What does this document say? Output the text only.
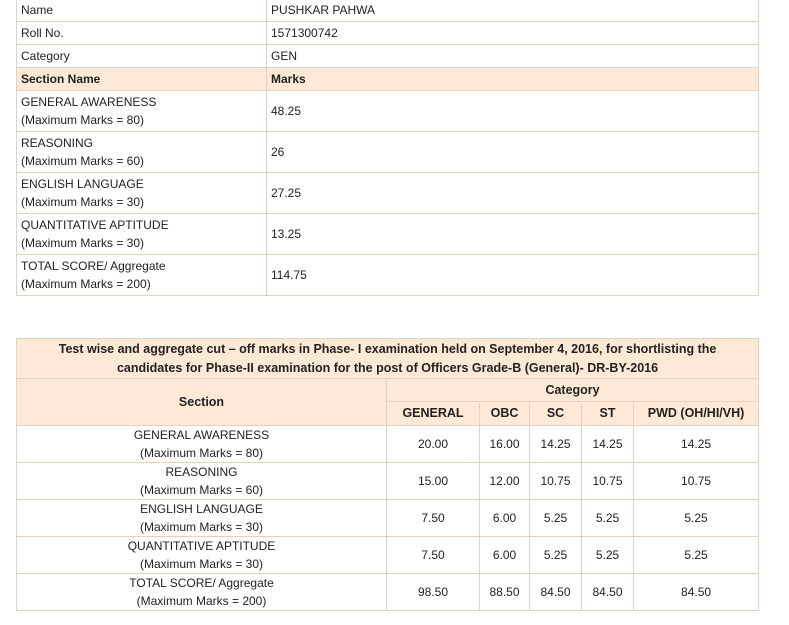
Name	PUSHKAR PAHWA
Roll No.	1571300742
Category	GEN
Section Name	Marks

GENERAL AWARENESS
(Maximum Marks = 80)	48.25

REASONING
(Maximum Marks = 60)	26

ENGLISH LANGUAGE
(Maximum Marks = 30)	27.25

QUANTITATIVE APTITUDE
(Maximum Marks = 30)	13.25

TOTAL SCORE/ Aggregate
(Maximum Marks = 200)	114.75
Test wise and aggregate cut – off marks in Phase- I examination held on September 4, 2016, for shortlisting the
candidates for Phase-II examination for the post of Officers Grade-B (General)- DR-BY-2016					

Section	Category				
	GENERAL	OBC	SC	ST	PWD (OH/HI/VH)

GENERAL AWARENESS
(Maximum Marks = 80)	20.00	16.00	14.25	14.25	14.25

REASONING
(Maximum Marks = 60)	15.00	12.00	10.75	10.75	10.75

ENGLISH LANGUAGE
(Maximum Marks = 30)	7.50	6.00	5.25	5.25	5.25

QUANTITATIVE APTITUDE
(Maximum Marks = 30)	7.50	6.00	5.25	5.25	5.25

TOTAL SCORE/ Aggregate
(Maximum Marks = 200)	98.50	88.50	84.50	84.50	84.50
